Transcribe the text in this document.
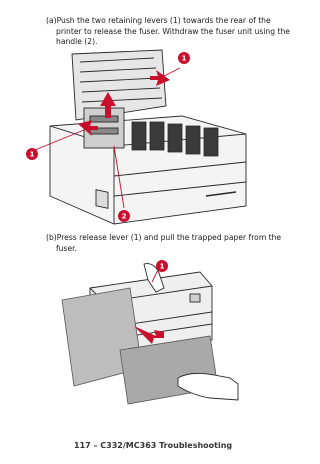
(a)Push the two retaining levers (1) towards the rear of the printer to release the fuser. Withdraw the fuser unit using the handle (2).
1
1
2
(b)Press release lever (1) and pull the trapped paper from the fuser.
1
117 – C332/MC363 Troubleshooting
